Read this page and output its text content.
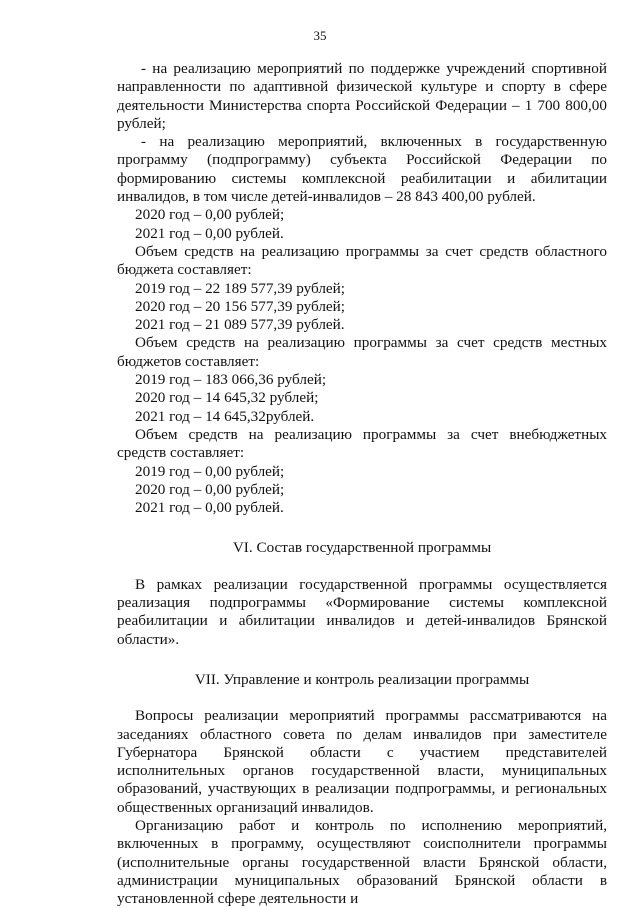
35

- на реализацию мероприятий по поддержке учреждений спортивной направленности по адаптивной физической культуре и спорту в сфере деятельности Министерства спорта Российской Федерации – 1 700 800,00 рублей;

- на реализацию мероприятий, включенных в государственную программу (подпрограмму) субъекта Российской Федерации по формированию системы комплексной реабилитации и абилитации инвалидов, в том числе детей-инвалидов – 28 843 400,00 рублей.

2020 год – 0,00 рублей;

2021 год – 0,00 рублей.

Объем средств на реализацию программы за счет средств областного бюджета составляет:

2019 год – 22 189 577,39 рублей;

2020 год – 20 156 577,39 рублей;

2021 год – 21 089 577,39 рублей.

Объем средств на реализацию программы за счет средств местных бюджетов составляет:

2019 год – 183 066,36 рублей;

2020 год – 14 645,32 рублей;

2021 год – 14 645,32рублей.

Объем средств на реализацию программы за счет внебюджетных средств составляет:

2019 год – 0,00 рублей;

2020 год – 0,00 рублей;

2021 год – 0,00 рублей.

VI. Состав государственной программы

В рамках реализации государственной программы осуществляется реализация подпрограммы «Формирование системы комплексной реабилитации и абилитации инвалидов и детей-инвалидов Брянской области».

VII. Управление и контроль реализации программы

Вопросы реализации мероприятий программы рассматриваются на заседаниях областного совета по делам инвалидов при заместителе Губернатора Брянской области с участием представителей исполнительных органов государственной власти, муниципальных образований, участвующих в реализации подпрограммы, и региональных общественных организаций инвалидов.

Организацию работ и контроль по исполнению мероприятий, включенных в программу, осуществляют соисполнители программы (исполнительные органы государственной власти Брянской области, администрации муниципальных образований Брянской области в установленной сфере деятельности и
